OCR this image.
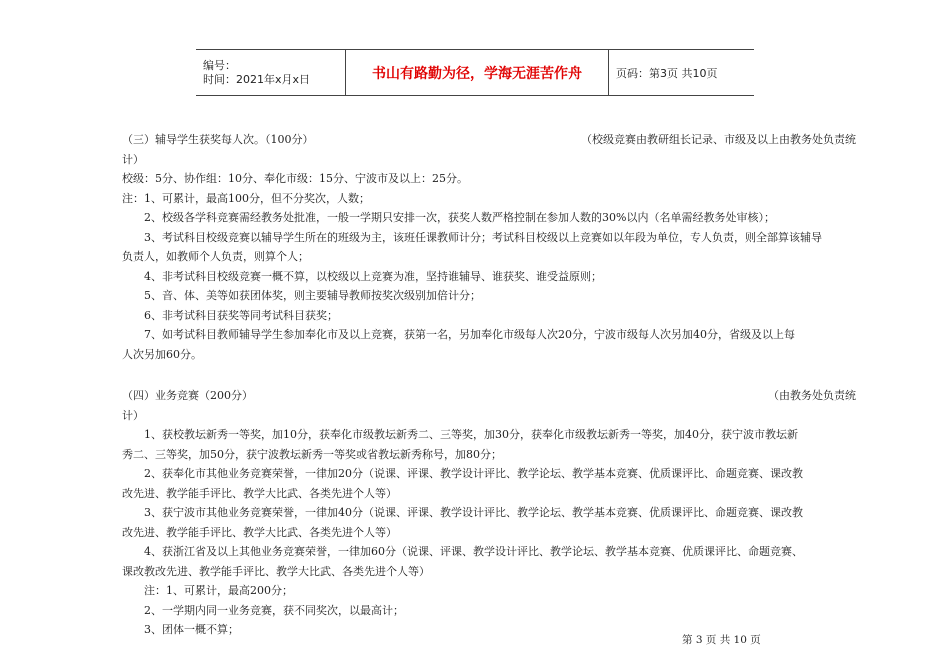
编号：
时间：2021年x月x日	书山有路勤为径，学海无涯苦作舟	页码：第3页 共10页
（三）辅导学生获奖每人次。（100分）	（校级竞赛由教研组长记录、市级及以上由教务处负责统
计）
校级：5分、协作组：10分、奉化市级：15分、宁波市及以上：25分。
注：1、可累计，最高100分，但不分奖次，人数；
2、校级各学科竞赛需经教务处批准，一般一学期只安排一次，获奖人数严格控制在参加人数的30%以内（名单需经教务处审核）；
3、考试科目校级竞赛以辅导学生所在的班级为主，该班任课教师计分；考试科目校级以上竞赛如以年段为单位，专人负责，则全部算该辅导
负责人，如教师个人负责，则算个人；
4、非考试科目校级竞赛一概不算，以校级以上竞赛为准，坚持谁辅导、谁获奖、谁受益原则；
5、音、体、美等如获团体奖，则主要辅导教师按奖次级别加倍计分；
6、非考试科目获奖等同考试科目获奖；
7、如考试科目教师辅导学生参加奉化市及以上竞赛，获第一名，另加奉化市级每人次20分，宁波市级每人次另加40分，省级及以上每
人次另加60分。
（四）业务竞赛（200分）	（由教务处负责统
计）
1、获校教坛新秀一等奖，加10分，获奉化市级教坛新秀二、三等奖，加30分，获奉化市级教坛新秀一等奖，加40分，获宁波市教坛新
秀二、三等奖，加50分，获宁波教坛新秀一等奖或省教坛新秀称号，加80分；
2、获奉化市其他业务竞赛荣誉，一律加20分（说课、评课、教学设计评比、教学论坛、教学基本竞赛、优质课评比、命题竞赛、课改教
改先进、教学能手评比、教学大比武、各类先进个人等）
3、获宁波市其他业务竞赛荣誉，一律加40分（说课、评课、教学设计评比、教学论坛、教学基本竞赛、优质课评比、命题竞赛、课改教
改先进、教学能手评比、教学大比武、各类先进个人等）
4、获浙江省及以上其他业务竞赛荣誉，一律加60分（说课、评课、教学设计评比、教学论坛、教学基本竞赛、优质课评比、命题竞赛、
课改教改先进、教学能手评比、教学大比武、各类先进个人等）
注：1、可累计，最高200分；
2、一学期内同一业务竞赛，获不同奖次，以最高计；
3、团体一概不算；
第 3 页 共 10 页
